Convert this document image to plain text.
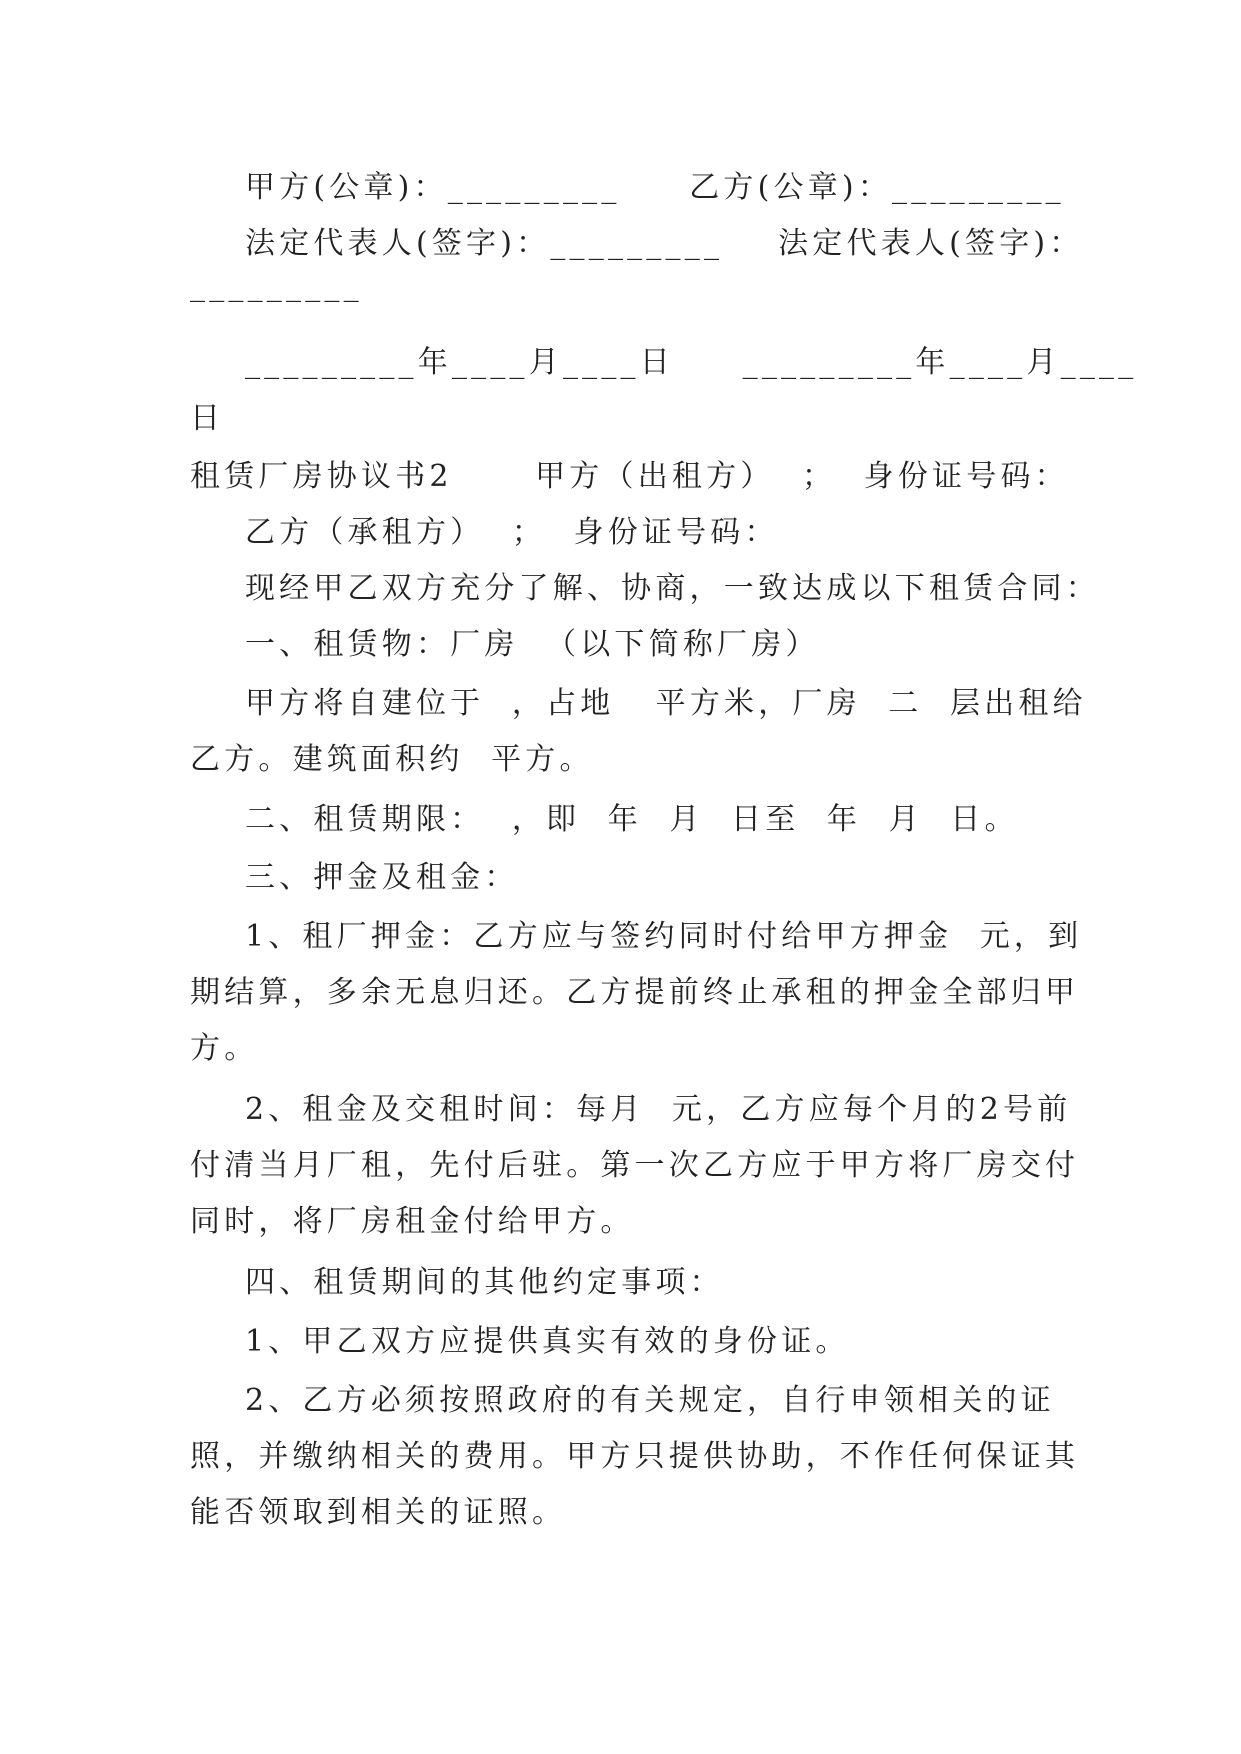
甲方(公章)：_________     乙方(公章)：_________
法定代表人(签字)：_________    法定代表人(签字)：
_________
_________年____月____日     _________年____月____
日
租赁厂房协议书2      甲方（出租方）  ；  身份证号码：
乙方（承租方）  ；  身份证号码：
现经甲乙双方充分了解、协商，一致达成以下租赁合同：
一、租赁物：厂房  （以下简称厂房）
甲方将自建位于  ，占地   平方米，厂房  二  层出租给
乙方。建筑面积约  平方。
二、租赁期限：  ，即  年  月  日至  年  月  日。
三、押金及租金：
1、租厂押金：乙方应与签约同时付给甲方押金  元，到
期结算，多余无息归还。乙方提前终止承租的押金全部归甲
方。
2、租金及交租时间：每月  元，乙方应每个月的2号前
付清当月厂租，先付后驻。第一次乙方应于甲方将厂房交付
同时，将厂房租金付给甲方。
四、租赁期间的其他约定事项：
1、甲乙双方应提供真实有效的身份证。
2、乙方必须按照政府的有关规定，自行申领相关的证
照，并缴纳相关的费用。甲方只提供协助，不作任何保证其
能否领取到相关的证照。
